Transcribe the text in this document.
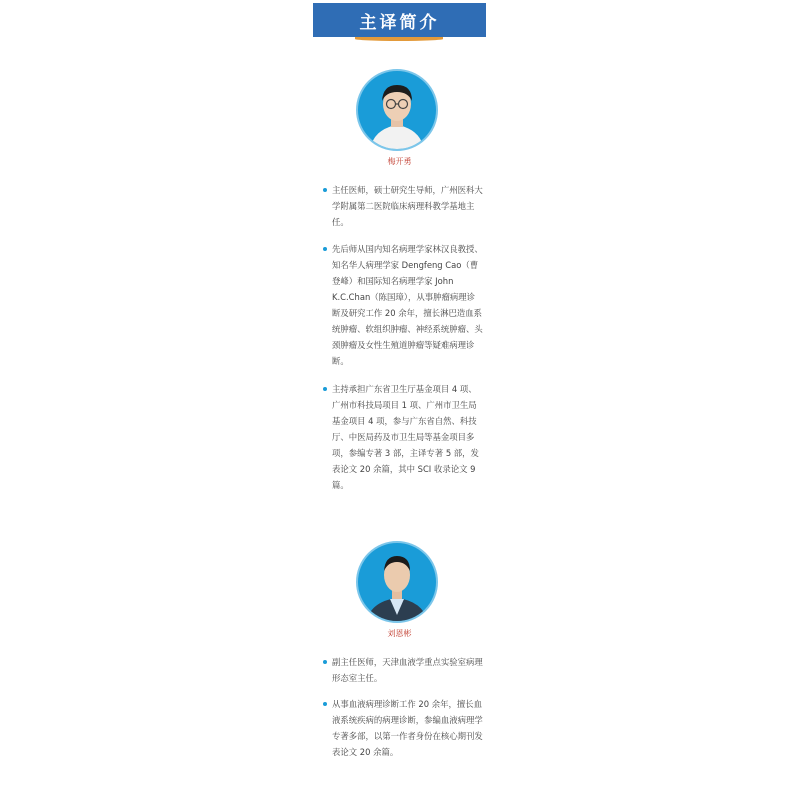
主译简介
梅开勇
主任医师，硕士研究生导师，广州医科大学附属第二医院临床病理科教学基地主任。
先后师从国内知名病理学家林汉良教授、知名华人病理学家 Dengfeng Cao（曹登峰）和国际知名病理学家 John K.C.Chan（陈国璋），从事肿瘤病理诊断及研究工作 20 余年，擅长淋巴造血系统肿瘤、软组织肿瘤、神经系统肿瘤、头颈肿瘤及女性生殖道肿瘤等疑难病理诊断。
主持承担广东省卫生厅基金项目 4 项、广州市科技局项目 1 项、广州市卫生局基金项目 4 项，参与广东省自然、科技厅、中医局药及市卫生局等基金项目多项，参编专著 3 部，主译专著 5 部，发表论文 20 余篇，其中 SCI 收录论文 9 篇。
刘恩彬
副主任医师，天津血液学重点实验室病理形态室主任。
从事血液病理诊断工作 20 余年，擅长血液系统疾病的病理诊断，参编血液病理学专著多部，以第一作者身份在核心期刊发表论文 20 余篇。
